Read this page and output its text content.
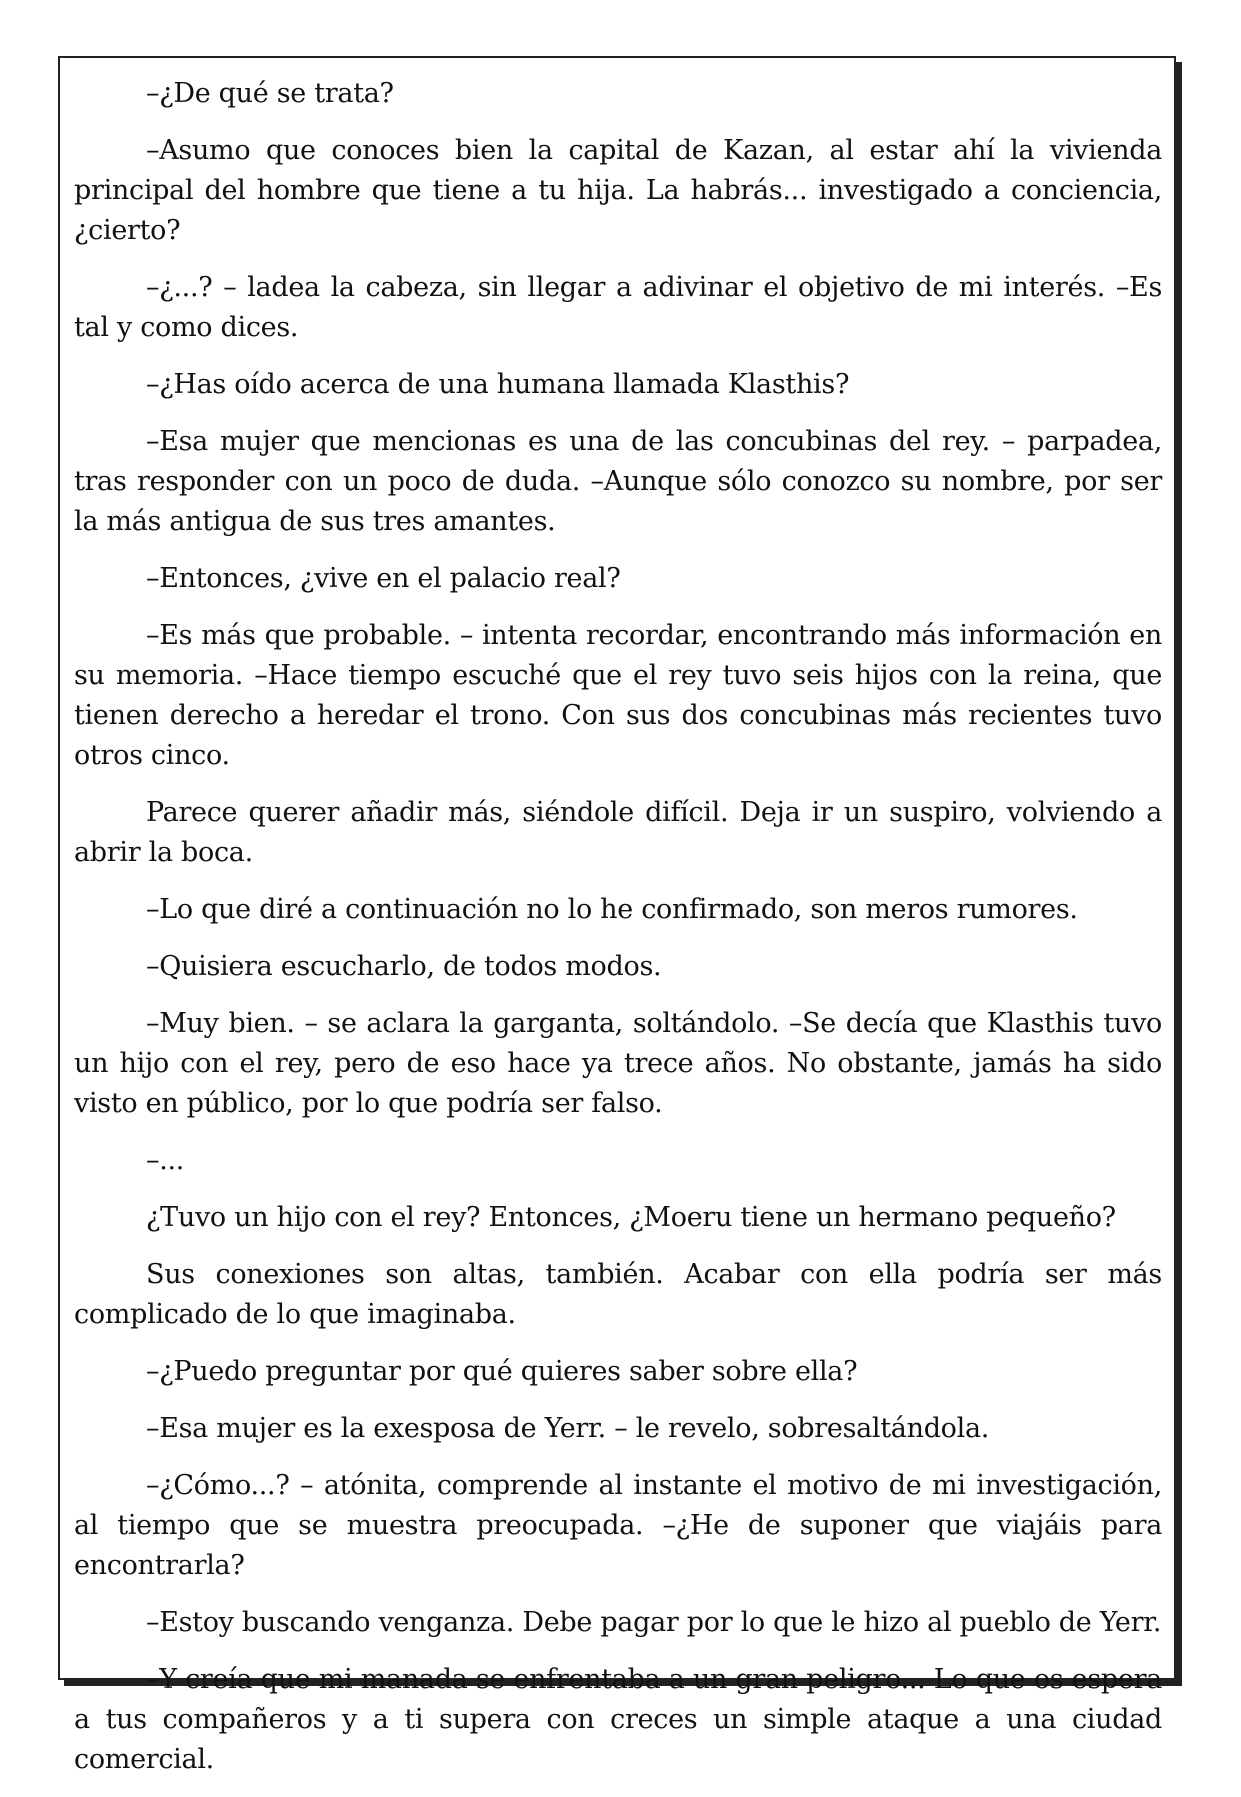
–¿De qué se trata?

–Asumo que conoces bien la capital de Kazan, al estar ahí la vivienda principal del hombre que tiene a tu hija. La habrás... investigado a conciencia, ¿cierto?

–¿...? – ladea la cabeza, sin llegar a adivinar el objetivo de mi interés. –Es tal y como dices.

–¿Has oído acerca de una humana llamada Klasthis?

–Esa mujer que mencionas es una de las concubinas del rey. – parpadea, tras responder con un poco de duda. –Aunque sólo conozco su nombre, por ser la más antigua de sus tres amantes.

–Entonces, ¿vive en el palacio real?

–Es más que probable. – intenta recordar, encontrando más información en su memoria. –Hace tiempo escuché que el rey tuvo seis hijos con la reina, que tienen derecho a heredar el trono. Con sus dos concubinas más recientes tuvo otros cinco.

Parece querer añadir más, siéndole difícil. Deja ir un suspiro, volviendo a abrir la boca.

–Lo que diré a continuación no lo he confirmado, son meros rumores.

–Quisiera escucharlo, de todos modos.

–Muy bien. – se aclara la garganta, soltándolo. –Se decía que Klasthis tuvo un hijo con el rey, pero de eso hace ya trece años. No obstante, jamás ha sido visto en público, por lo que podría ser falso.

–...

¿Tuvo un hijo con el rey? Entonces, ¿Moeru tiene un hermano pequeño?

Sus conexiones son altas, también. Acabar con ella podría ser más complicado de lo que imaginaba.

–¿Puedo preguntar por qué quieres saber sobre ella?

–Esa mujer es la exesposa de Yerr. – le revelo, sobresaltándola.

–¿Cómo...? – atónita, comprende al instante el motivo de mi investigación, al tiempo que se muestra preocupada. –¿He de suponer que viajáis para encontrarla?

–Estoy buscando venganza. Debe pagar por lo que le hizo al pueblo de Yerr.

–Y creía que mi manada se enfrentaba a un gran peligro... Lo que os espera a tus compañeros y a ti supera con creces un simple ataque a una ciudad comercial.
